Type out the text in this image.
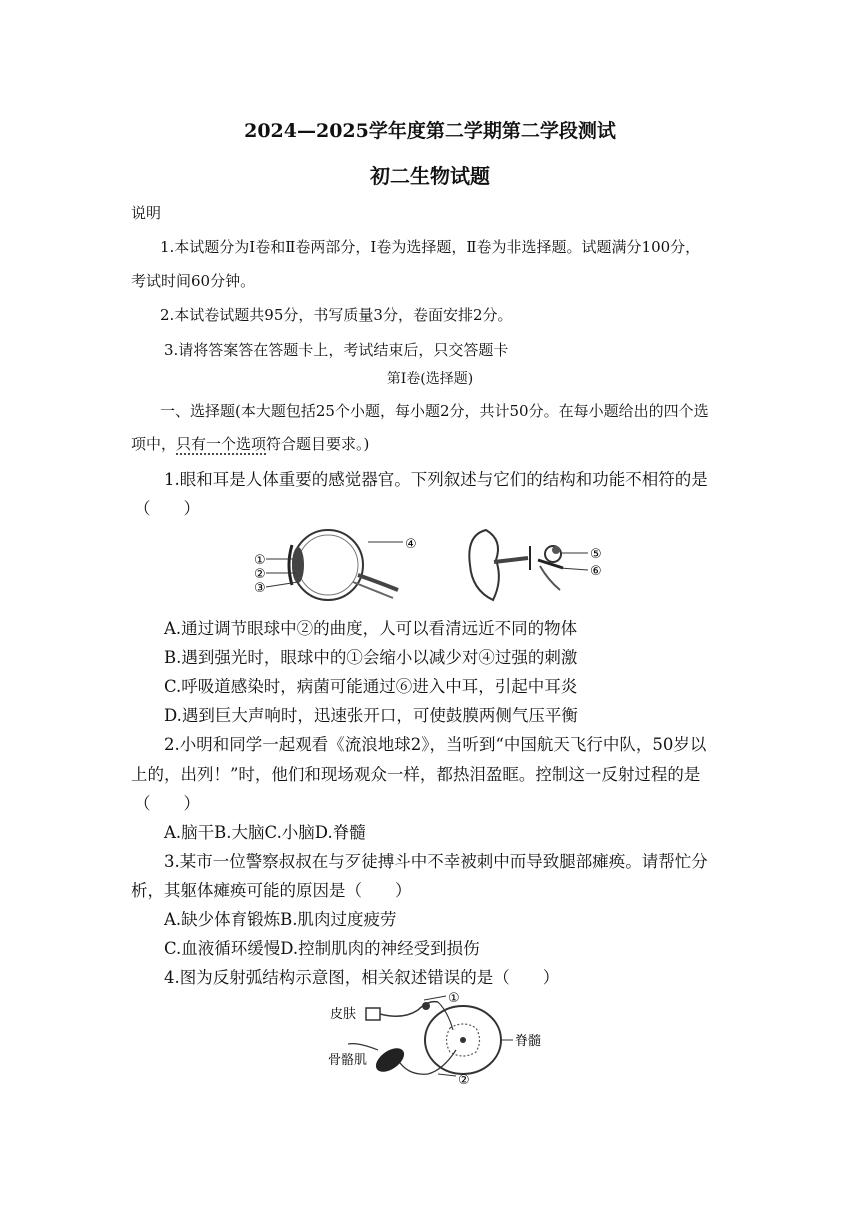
2024—2025学年度第二学期第二学段测试
初二生物试题
说明
1.本试题分为Ⅰ卷和Ⅱ卷两部分，Ⅰ卷为选择题，Ⅱ卷为非选择题。试题满分100分，
考试时间60分钟。
2.本试卷试题共95分，书写质量3分，卷面安排2分。
3.请将答案答在答题卡上，考试结束后，只交答题卡
第Ⅰ卷(选择题)
一、选择题(本大题包括25个小题，每小题2分，共计50分。在每小题给出的四个选
项中，只有一个选项符合题目要求。)
1.眼和耳是人体重要的感觉器官。下列叙述与它们的结构和功能不相符的是
（　　）
①
②
③
④
⑤
⑥
A.通过调节眼球中②的曲度，人可以看清远近不同的物体
B.遇到强光时，眼球中的①会缩小以减少对④过强的刺激
C.呼吸道感染时，病菌可能通过⑥进入中耳，引起中耳炎
D.遇到巨大声响时，迅速张开口，可使鼓膜两侧气压平衡
2.小明和同学一起观看《流浪地球2》，当听到“中国航天飞行中队，50岁以
上的，出列！”时，他们和现场观众一样，都热泪盈眶。控制这一反射过程的是
（　　）
A.脑干B.大脑C.小脑D.脊髓
3.某市一位警察叔叔在与歹徒搏斗中不幸被刺中而导致腿部瘫痪。请帮忙分
析，其躯体瘫痪可能的原因是（　　）
A.缺少体育锻炼B.肌肉过度疲劳
C.血液循环缓慢D.控制肌肉的神经受到损伤
4.图为反射弧结构示意图，相关叙述错误的是（　　）
皮肤
骨骼肌
脊髓
①
②
